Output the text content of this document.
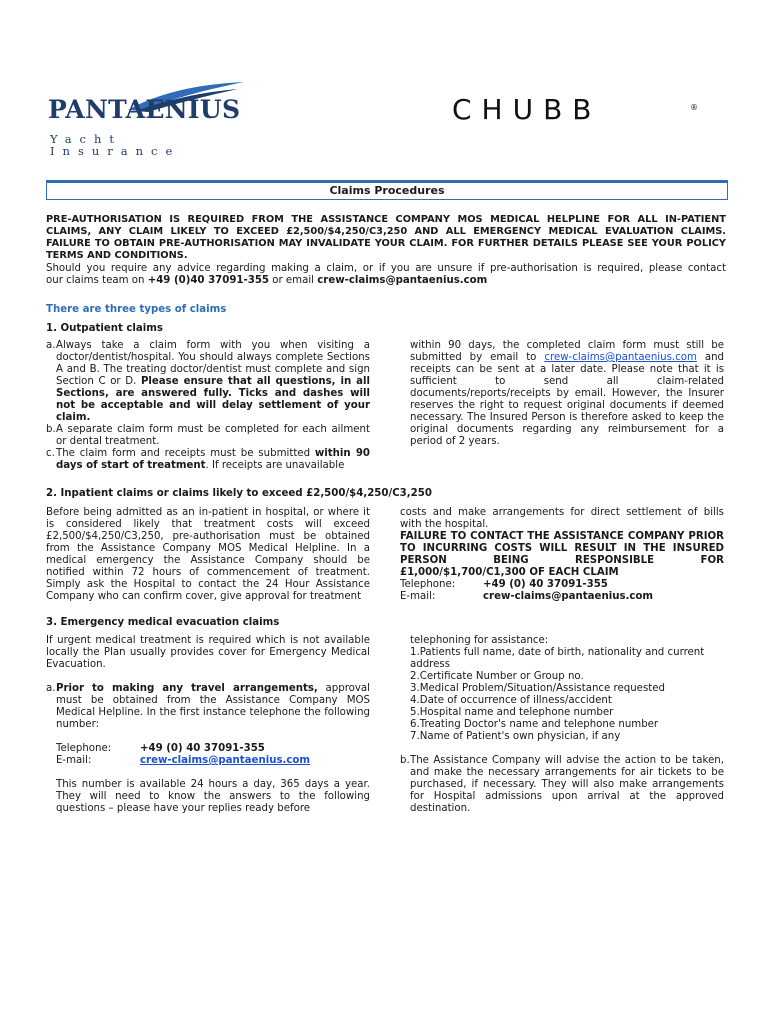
PANTAENIUS
Yacht Insurance
CHUBB	®
Claims Procedures
PRE-AUTHORISATION IS REQUIRED FROM THE ASSISTANCE COMPANY MOS MEDICAL HELPLINE FOR ALL IN-PATIENT
CLAIMS, ANY CLAIM LIKELY TO EXCEED £2,500/$4,250/C3,250 AND ALL EMERGENCY MEDICAL EVALUATION CLAIMS.
FAILURE TO OBTAIN PRE-AUTHORISATION MAY INVALIDATE YOUR CLAIM. FOR FURTHER DETAILS PLEASE SEE YOUR POLICY
TERMS AND CONDITIONS.
Should you require any advice regarding making a claim, or if you are unsure if pre-authorisation is required, please contact
our claims team on +49 (0)40 37091-355 or email crew-claims@pantaenius.com
There are three types of claims
1. Outpatient claims
a. Always take a claim form with you when visiting a doctor/dentist/hospital. You should always complete Sections A and B. The treating doctor/dentist must complete and sign Section C or D. Please ensure that all questions, in all Sections, are answered fully. Ticks and dashes will not be acceptable and will delay settlement of your claim.
b. A separate claim form must be completed for each ailment or dental treatment.
c. The claim form and receipts must be submitted within 90 days of start of treatment. If receipts are unavailable
within 90 days, the completed claim form must still be submitted by email to crew-claims@pantaenius.com and receipts can be sent at a later date. Please note that it is sufficient to send all claim-related documents/reports/receipts by email. However, the Insurer reserves the right to request original documents if deemed necessary. The Insured Person is therefore asked to keep the original documents regarding any reimbursement for a period of 2 years.
2. Inpatient claims or claims likely to exceed £2,500/$4,250/C3,250
Before being admitted as an in-patient in hospital, or where it is considered likely that treatment costs will exceed £2,500/$4,250/C3,250, pre-authorisation must be obtained from the Assistance Company MOS Medical Helpline. In a medical emergency the Assistance Company should be notified within 72 hours of commencement of treatment. Simply ask the Hospital to contact the 24 Hour Assistance Company who can confirm cover, give approval for treatment
costs and make arrangements for direct settlement of bills with the hospital.
FAILURE TO CONTACT THE ASSISTANCE COMPANY PRIOR TO INCURRING COSTS WILL RESULT IN THE INSURED PERSON BEING RESPONSIBLE FOR £1,000/$1,700/C1,300 OF EACH CLAIM
Telephone:	+49 (0) 40 37091-355
E-mail:	crew-claims@pantaenius.com
3. Emergency medical evacuation claims
If urgent medical treatment is required which is not available locally the Plan usually provides cover for Emergency Medical Evacuation.
a. Prior to making any travel arrangements, approval must be obtained from the Assistance Company MOS Medical Helpline. In the first instance telephone the following number:
Telephone:	+49 (0) 40 37091-355
E-mail:	crew-claims@pantaenius.com
This number is available 24 hours a day, 365 days a year. They will need to know the answers to the following questions – please have your replies ready before
telephoning for assistance:
1.Patients full name, date of birth, nationality and current address
2.Certificate Number or Group no.
3.Medical Problem/Situation/Assistance requested
4.Date of occurrence of illness/accident
5.Hospital name and telephone number
6.Treating Doctor's name and telephone number
7.Name of Patient's own physician, if any
b. The Assistance Company will advise the action to be taken, and make the necessary arrangements for air tickets to be purchased, if necessary. They will also make arrangements for Hospital admissions upon arrival at the approved destination.
